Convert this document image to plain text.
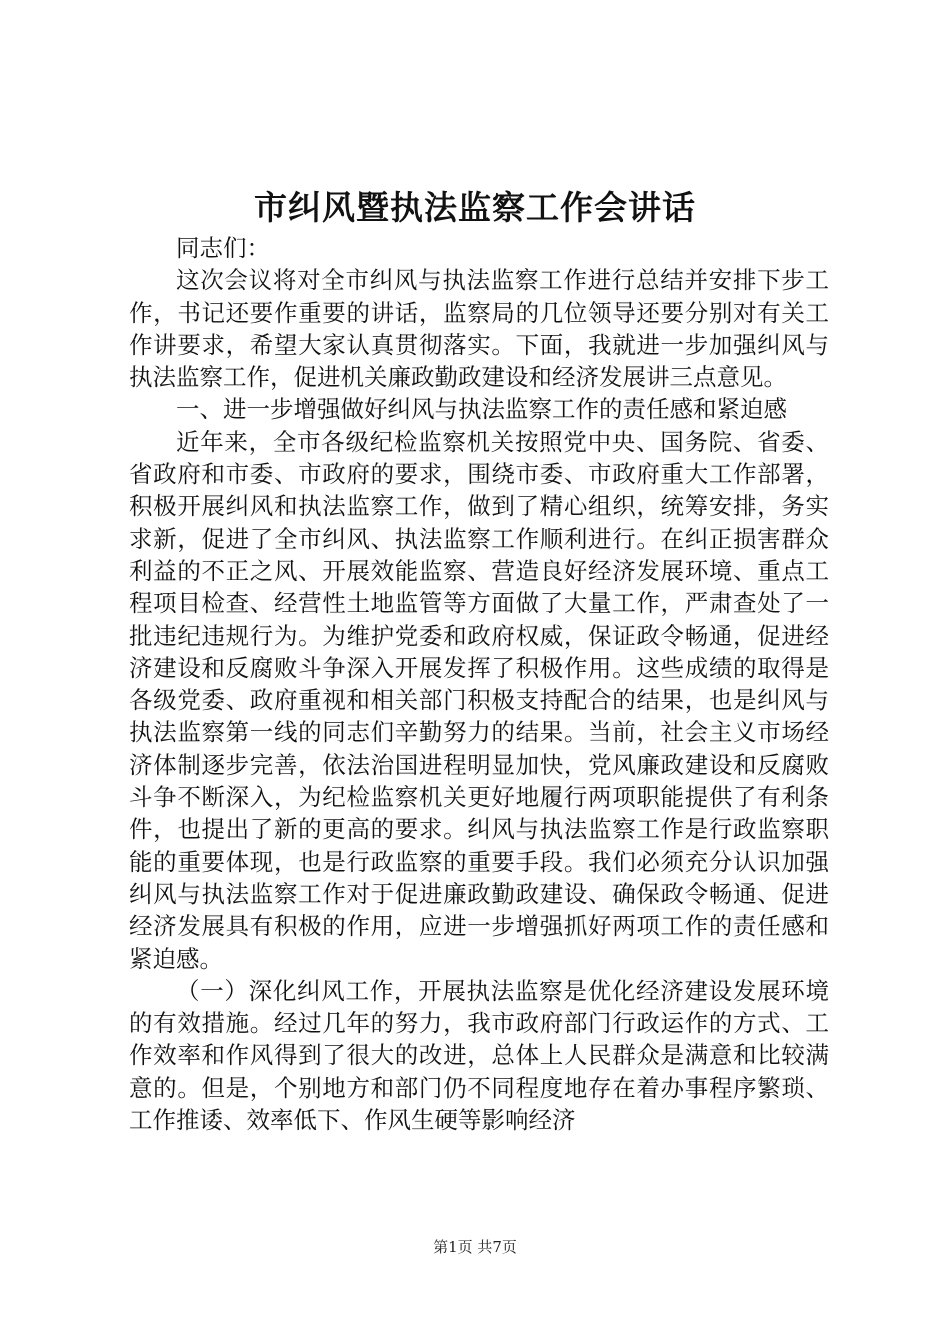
市纠风暨执法监察工作会讲话

同志们：

这次会议将对全市纠风与执法监察工作进行总结并安排下步工作，书记还要作重要的讲话，监察局的几位领导还要分别对有关工作讲要求，希望大家认真贯彻落实。下面，我就进一步加强纠风与执法监察工作，促进机关廉政勤政建设和经济发展讲三点意见。

一、进一步增强做好纠风与执法监察工作的责任感和紧迫感

近年来，全市各级纪检监察机关按照党中央、国务院、省委、省政府和市委、市政府的要求，围绕市委、市政府重大工作部署，积极开展纠风和执法监察工作，做到了精心组织，统筹安排，务实求新，促进了全市纠风、执法监察工作顺利进行。在纠正损害群众利益的不正之风、开展效能监察、营造良好经济发展环境、重点工程项目检查、经营性土地监管等方面做了大量工作，严肃查处了一批违纪违规行为。为维护党委和政府权威，保证政令畅通，促进经济建设和反腐败斗争深入开展发挥了积极作用。这些成绩的取得是各级党委、政府重视和相关部门积极支持配合的结果，也是纠风与执法监察第一线的同志们辛勤努力的结果。当前，社会主义市场经济体制逐步完善，依法治国进程明显加快，党风廉政建设和反腐败斗争不断深入，为纪检监察机关更好地履行两项职能提供了有利条件，也提出了新的更高的要求。纠风与执法监察工作是行政监察职能的重要体现，也是行政监察的重要手段。我们必须充分认识加强纠风与执法监察工作对于促进廉政勤政建设、确保政令畅通、促进经济发展具有积极的作用，应进一步增强抓好两项工作的责任感和紧迫感。

（一）深化纠风工作，开展执法监察是优化经济建设发展环境的有效措施。经过几年的努力，我市政府部门行政运作的方式、工作效率和作风得到了很大的改进，总体上人民群众是满意和比较满意的。但是，个别地方和部门仍不同程度地存在着办事程序繁琐、工作推诿、效率低下、作风生硬等影响经济

第1页 共7页
